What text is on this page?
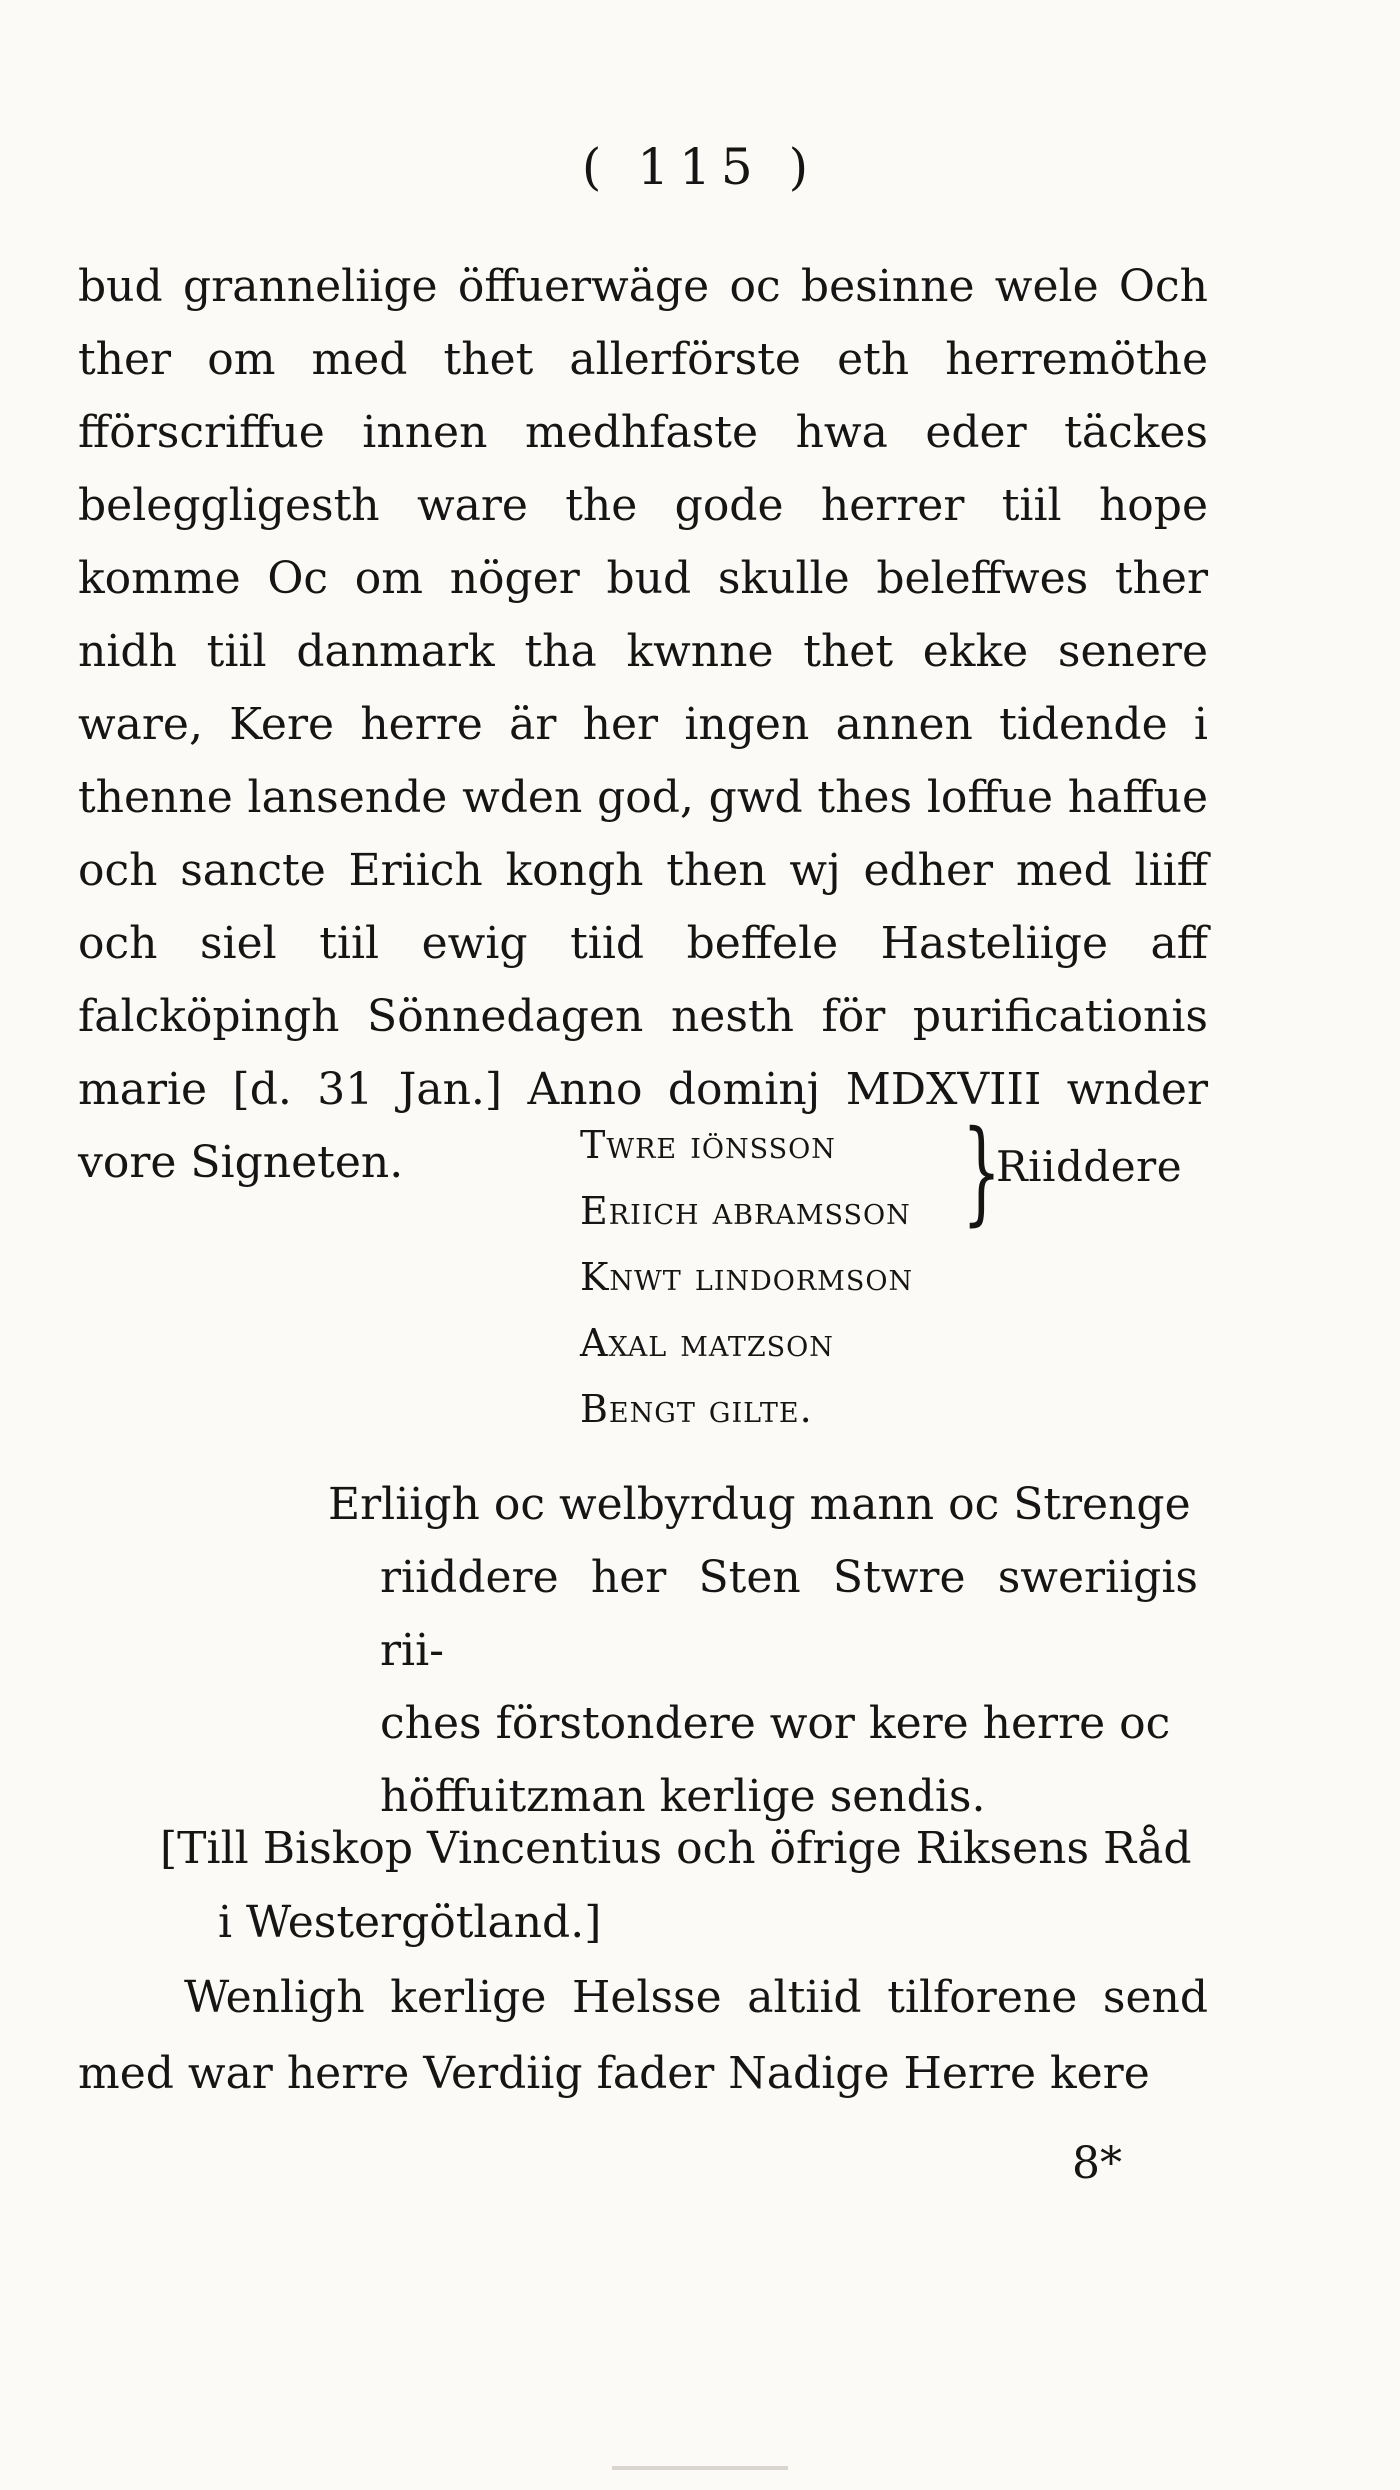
( 115 )
bud granneliige öffuerwäge oc besinne wele Och ther om med thet allerförste eth herremöthe fförscriffue innen medhfaste hwa eder täckes beleggligesth ware the gode herrer tiil hope komme Oc om nöger bud skulle beleffwes ther nidh tiil danmark tha kwnne thet ekke senere ware, Kere herre är her ingen annen tidende i thenne lansende wden god, gwd thes loffue haffue och sancte Eriich kongh then wj edher med liiff och siel tiil ewig tiid beffele Hasteliige aff falcköpingh Sönnedagen nesth för purificationis marie [d. 31 Jan.] Anno dominj MDXVIII wnder vore Signeten.	Twre iönsson
Eriich abramsson
Knwt lindormson
Axal matzson
Bengt gilte.
}
Riiddere
Erliigh oc welbyrdug mann oc Strenge
riiddere her Sten Stwre sweriigis rii-
ches förstondere wor kere herre oc
höffuitzman kerlige sendis.
[Till Biskop Vincentius och öfrige Riksens Råd
i Westergötland.]
Wenligh kerlige Helsse altiid tilforene send med war herre Verdiig fader Nadige Herre kere
8*
